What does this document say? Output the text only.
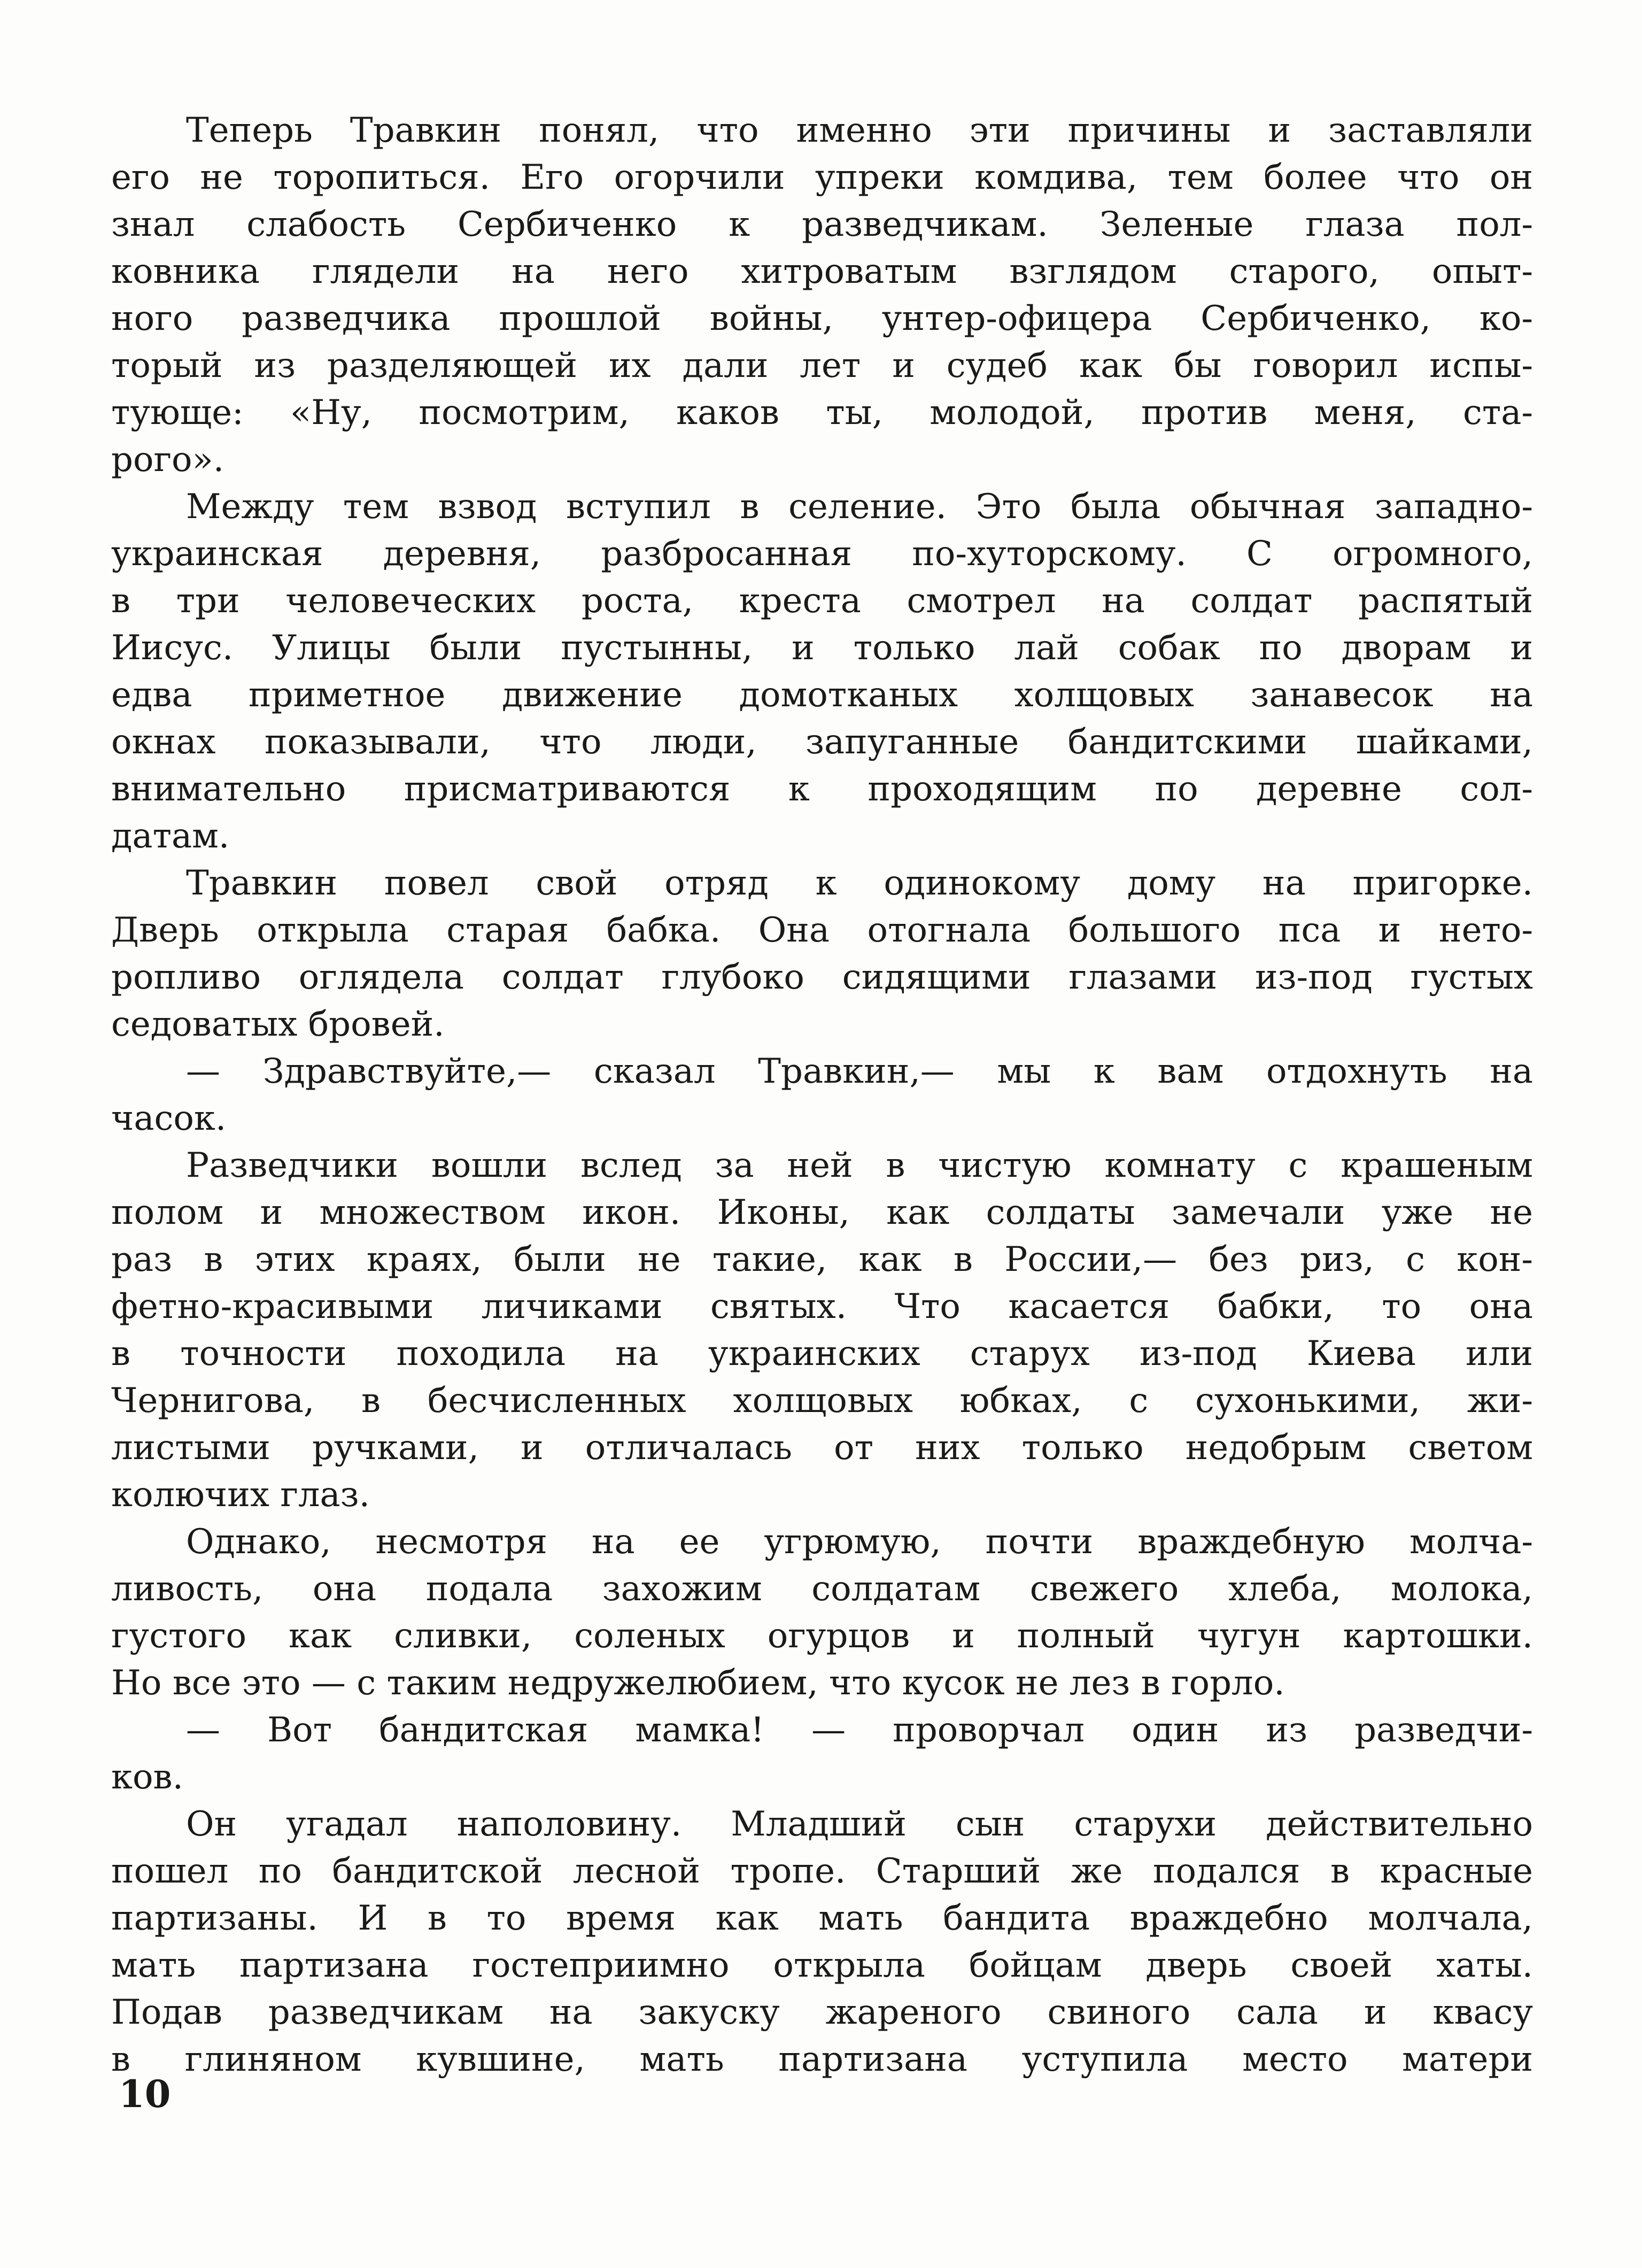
Теперь Травкин понял, что именно эти причины и заставляли
его не торопиться. Его огорчили упреки комдива, тем более что он
знал слабость Сербиченко к разведчикам. Зеленые глаза пол-
ковника глядели на него хитроватым взглядом старого, опыт-
ного разведчика прошлой войны, унтер-офицера Сербиченко, ко-
торый из разделяющей их дали лет и судеб как бы говорил испы-
тующе: «Ну, посмотрим, каков ты, молодой, против меня, ста-
рого».
Между тем взвод вступил в селение. Это была обычная западно-
украинская деревня, разбросанная по-хуторскому. С огромного,
в три человеческих роста, креста смотрел на солдат распятый
Иисус. Улицы были пустынны, и только лай собак по дворам и
едва приметное движение домотканых холщовых занавесок на
окнах показывали, что люди, запуганные бандитскими шайками,
внимательно присматриваются к проходящим по деревне сол-
датам.
Травкин повел свой отряд к одинокому дому на пригорке.
Дверь открыла старая бабка. Она отогнала большого пса и нето-
ропливо оглядела солдат глубоко сидящими глазами из-под густых
седоватых бровей.
— Здравствуйте,— сказал Травкин,— мы к вам отдохнуть на
часок.
Разведчики вошли вслед за ней в чистую комнату с крашеным
полом и множеством икон. Иконы, как солдаты замечали уже не
раз в этих краях, были не такие, как в России,— без риз, с кон-
фетно-красивыми личиками святых. Что касается бабки, то она
в точности походила на украинских старух из-под Киева или
Чернигова, в бесчисленных холщовых юбках, с сухонькими, жи-
листыми ручками, и отличалась от них только недобрым светом
колючих глаз.
Однако, несмотря на ее угрюмую, почти враждебную молча-
ливость, она подала захожим солдатам свежего хлеба, молока,
густого как сливки, соленых огурцов и полный чугун картошки.
Но все это — с таким недружелюбием, что кусок не лез в горло.
— Вот бандитская мамка! — проворчал один из разведчи-
ков.
Он угадал наполовину. Младший сын старухи действительно
пошел по бандитской лесной тропе. Старший же подался в красные
партизаны. И в то время как мать бандита враждебно молчала,
мать партизана гостеприимно открыла бойцам дверь своей хаты.
Подав разведчикам на закуску жареного свиного сала и квасу
в глиняном кувшине, мать партизана уступила место матери
10
